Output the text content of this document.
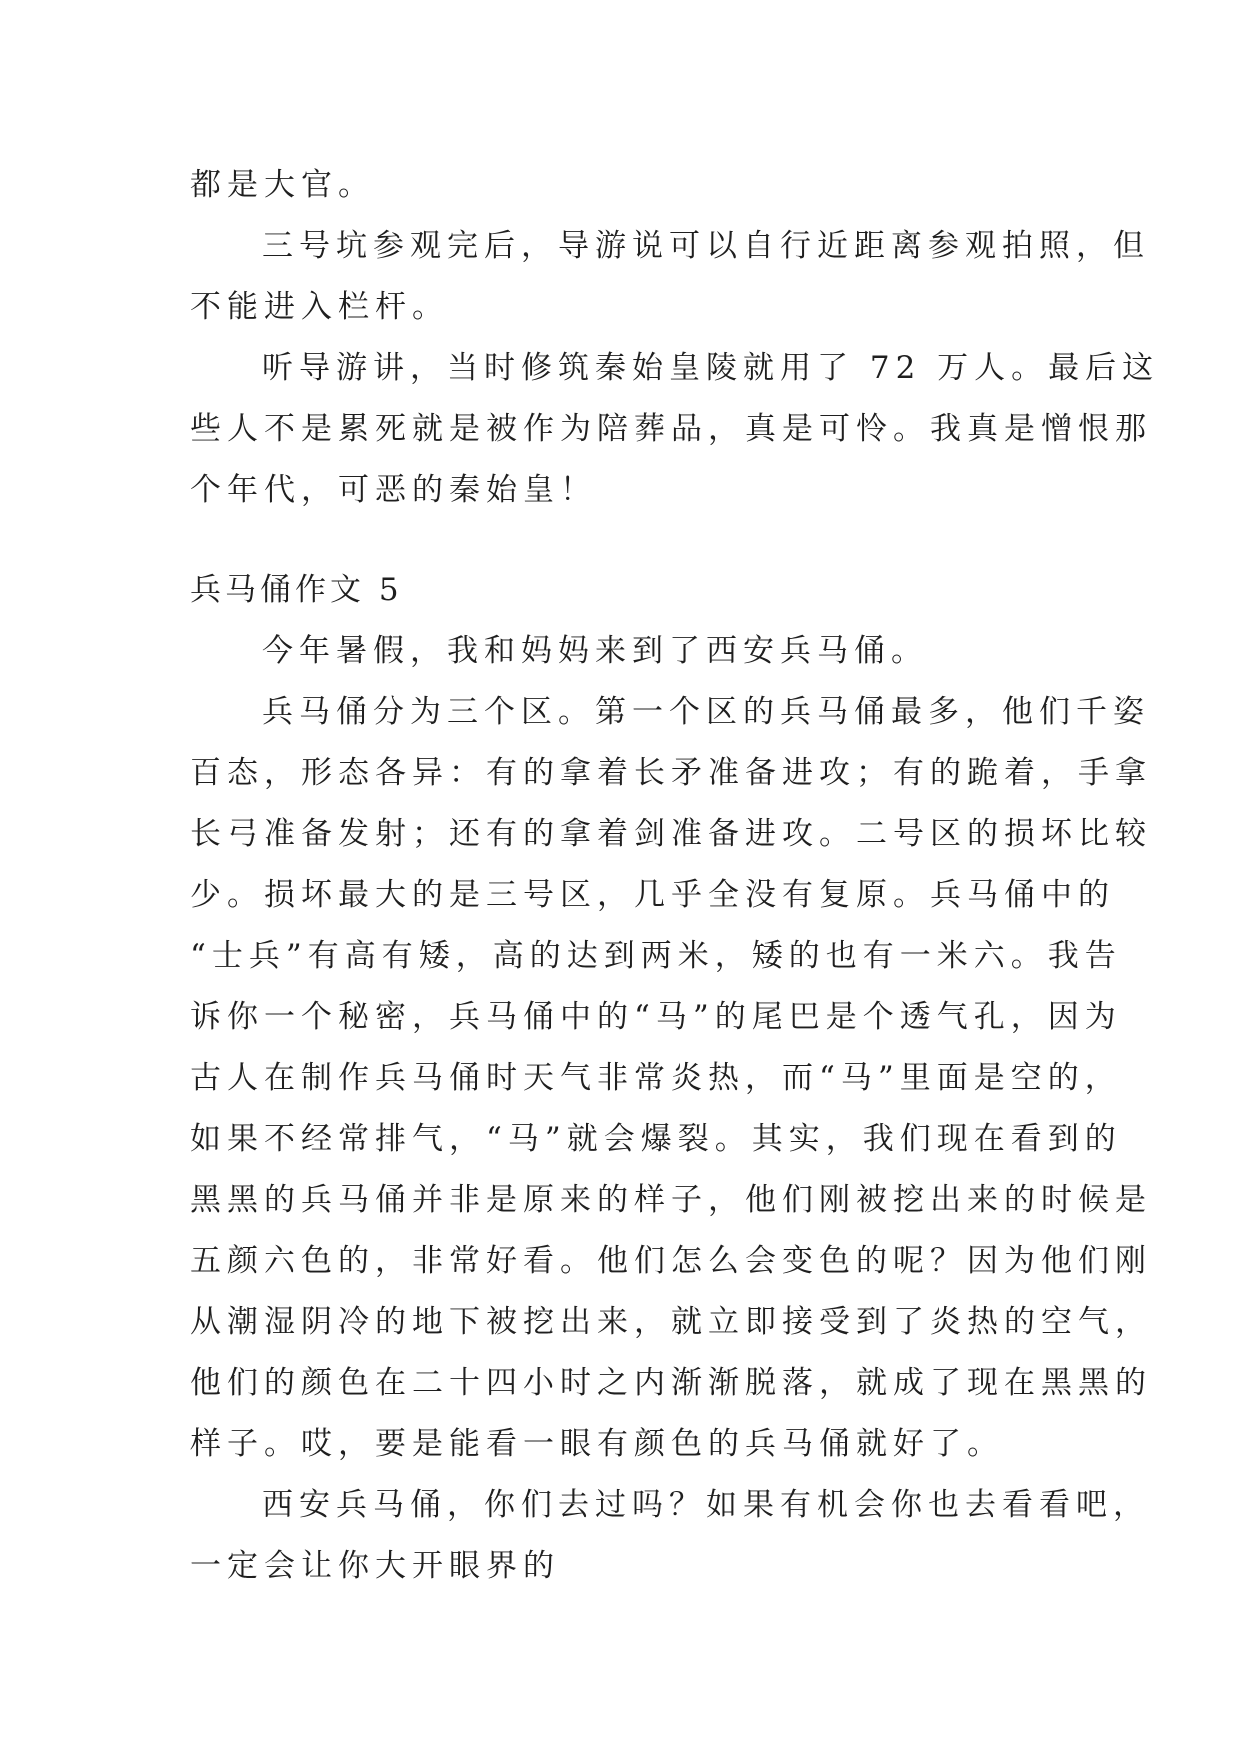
都是大官。

三号坑参观完后，导游说可以自行近距离参观拍照，但

不能进入栏杆。

听导游讲，当时修筑秦始皇陵就用了 72 万人。最后这

些人不是累死就是被作为陪葬品，真是可怜。我真是憎恨那

个年代，可恶的秦始皇！

兵马俑作文 5

今年暑假，我和妈妈来到了西安兵马俑。

兵马俑分为三个区。第一个区的兵马俑最多，他们千姿

百态，形态各异：有的拿着长矛准备进攻；有的跪着，手拿

长弓准备发射；还有的拿着剑准备进攻。二号区的损坏比较

少。损坏最大的是三号区，几乎全没有复原。兵马俑中的

“士兵”有高有矮，高的达到两米，矮的也有一米六。我告

诉你一个秘密，兵马俑中的“马”的尾巴是个透气孔，因为

古人在制作兵马俑时天气非常炎热，而“马”里面是空的，

如果不经常排气，“马”就会爆裂。其实，我们现在看到的

黑黑的兵马俑并非是原来的样子，他们刚被挖出来的时候是

五颜六色的，非常好看。他们怎么会变色的呢？因为他们刚

从潮湿阴冷的地下被挖出来，就立即接受到了炎热的空气，

他们的颜色在二十四小时之内渐渐脱落，就成了现在黑黑的

样子。哎，要是能看一眼有颜色的兵马俑就好了。

西安兵马俑，你们去过吗？如果有机会你也去看看吧，

一定会让你大开眼界的
